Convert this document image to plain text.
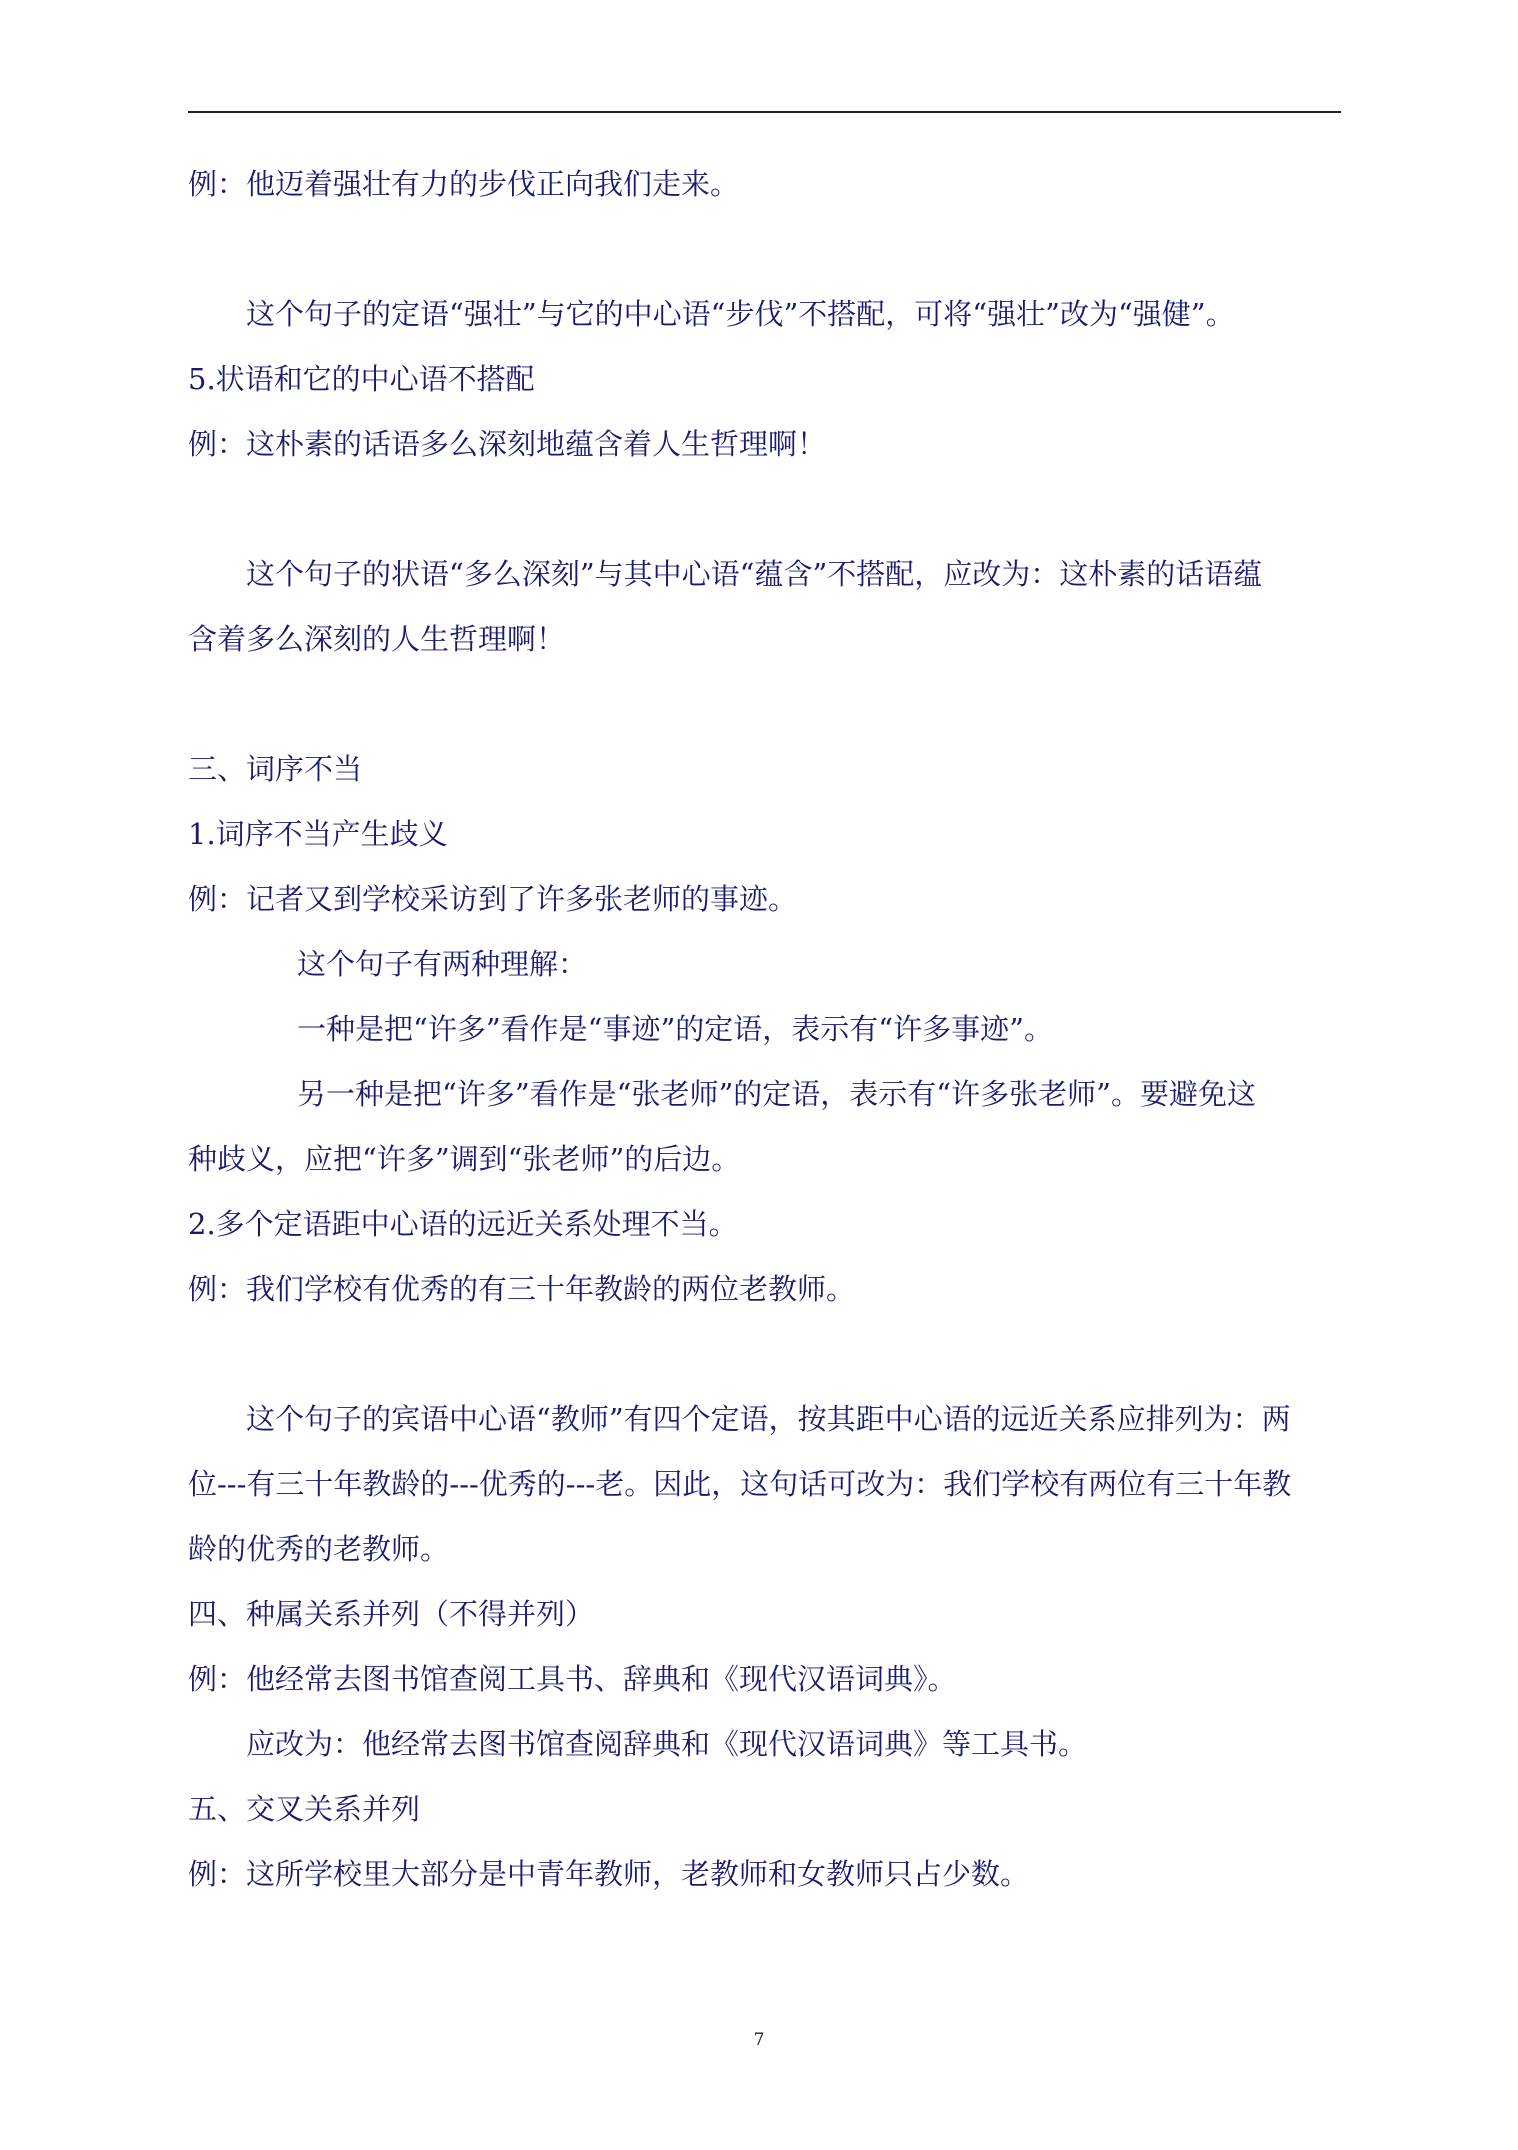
例：他迈着强壮有力的步伐正向我们走来。
这个句子的定语“强壮”与它的中心语“步伐”不搭配，可将“强壮”改为“强健”。
5.状语和它的中心语不搭配
例：这朴素的话语多么深刻地蕴含着人生哲理啊！
这个句子的状语“多么深刻”与其中心语“蕴含”不搭配，应改为：这朴素的话语蕴
含着多么深刻的人生哲理啊！
三、词序不当
1.词序不当产生歧义
例：记者又到学校采访到了许多张老师的事迹。
这个句子有两种理解：
一种是把“许多”看作是“事迹”的定语，表示有“许多事迹”。
另一种是把“许多”看作是“张老师”的定语，表示有“许多张老师”。要避免这
种歧义，应把“许多”调到“张老师”的后边。
2.多个定语距中心语的远近关系处理不当。
例：我们学校有优秀的有三十年教龄的两位老教师。
这个句子的宾语中心语“教师”有四个定语，按其距中心语的远近关系应排列为：两
位---有三十年教龄的---优秀的---老。因此，这句话可改为：我们学校有两位有三十年教
龄的优秀的老教师。
四、种属关系并列（不得并列）
例：他经常去图书馆查阅工具书、辞典和《现代汉语词典》。
应改为：他经常去图书馆查阅辞典和《现代汉语词典》等工具书。
五、交叉关系并列
例：这所学校里大部分是中青年教师，老教师和女教师只占少数。
7
